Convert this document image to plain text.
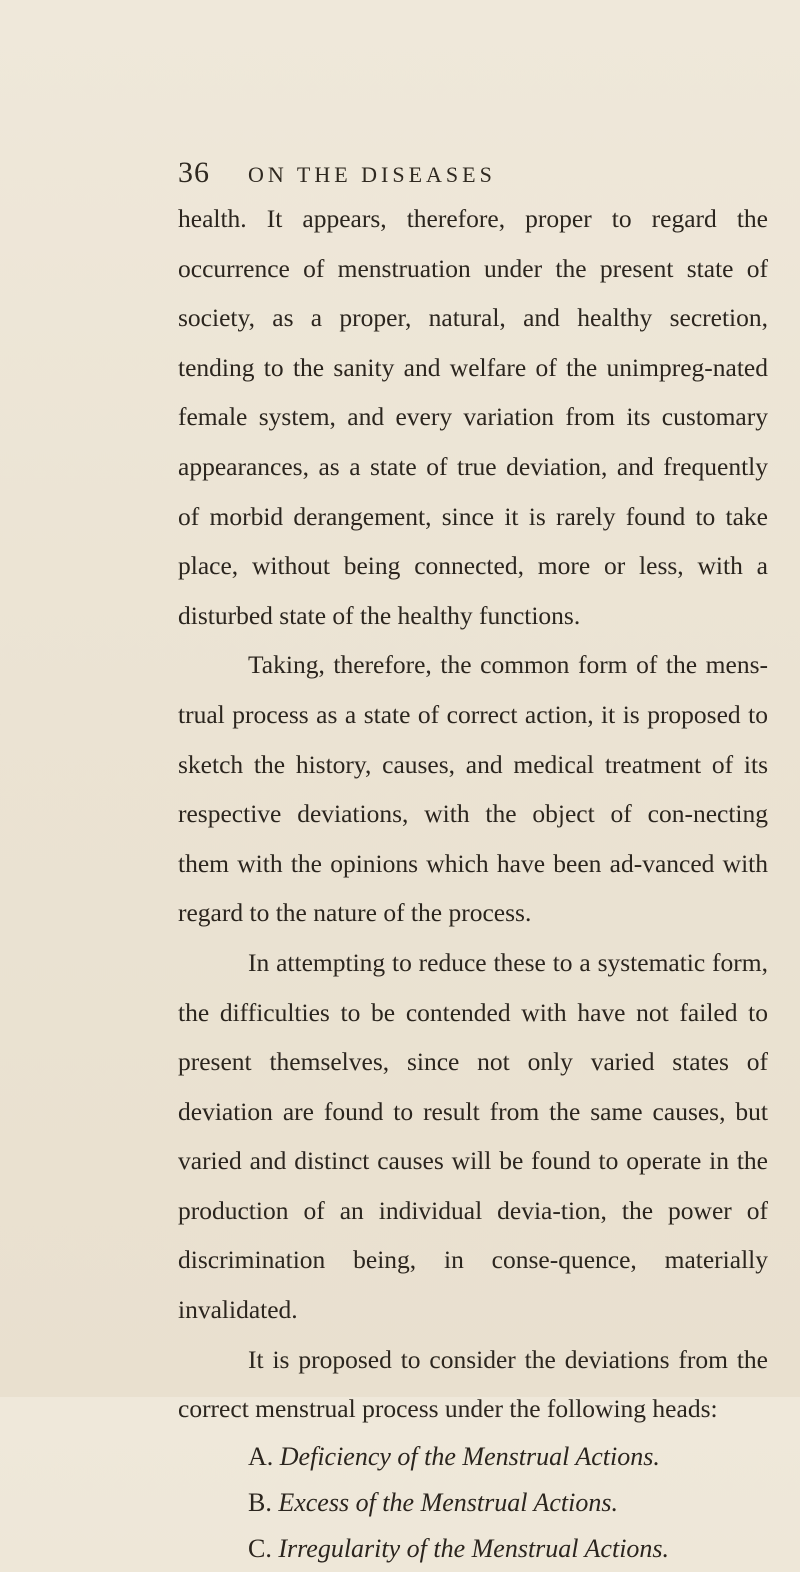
36 ON THE DISEASES

health. It appears, therefore, proper to regard the occurrence of menstruation under the present state of society, as a proper, natural, and healthy secretion, tending to the sanity and welfare of the unimpreg-nated female system, and every variation from its customary appearances, as a state of true deviation, and frequently of morbid derangement, since it is rarely found to take place, without being connected, more or less, with a disturbed state of the healthy functions.

Taking, therefore, the common form of the mens-trual process as a state of correct action, it is proposed to sketch the history, causes, and medical treatment of its respective deviations, with the object of con-necting them with the opinions which have been ad-vanced with regard to the nature of the process.

In attempting to reduce these to a systematic form, the difficulties to be contended with have not failed to present themselves, since not only varied states of deviation are found to result from the same causes, but varied and distinct causes will be found to operate in the production of an individual devia-tion, the power of discrimination being, in conse-quence, materially invalidated.

It is proposed to consider the deviations from the correct menstrual process under the following heads:

A. Deficiency of the Menstrual Actions.
B. Excess of the Menstrual Actions.
C. Irregularity of the Menstrual Actions.
